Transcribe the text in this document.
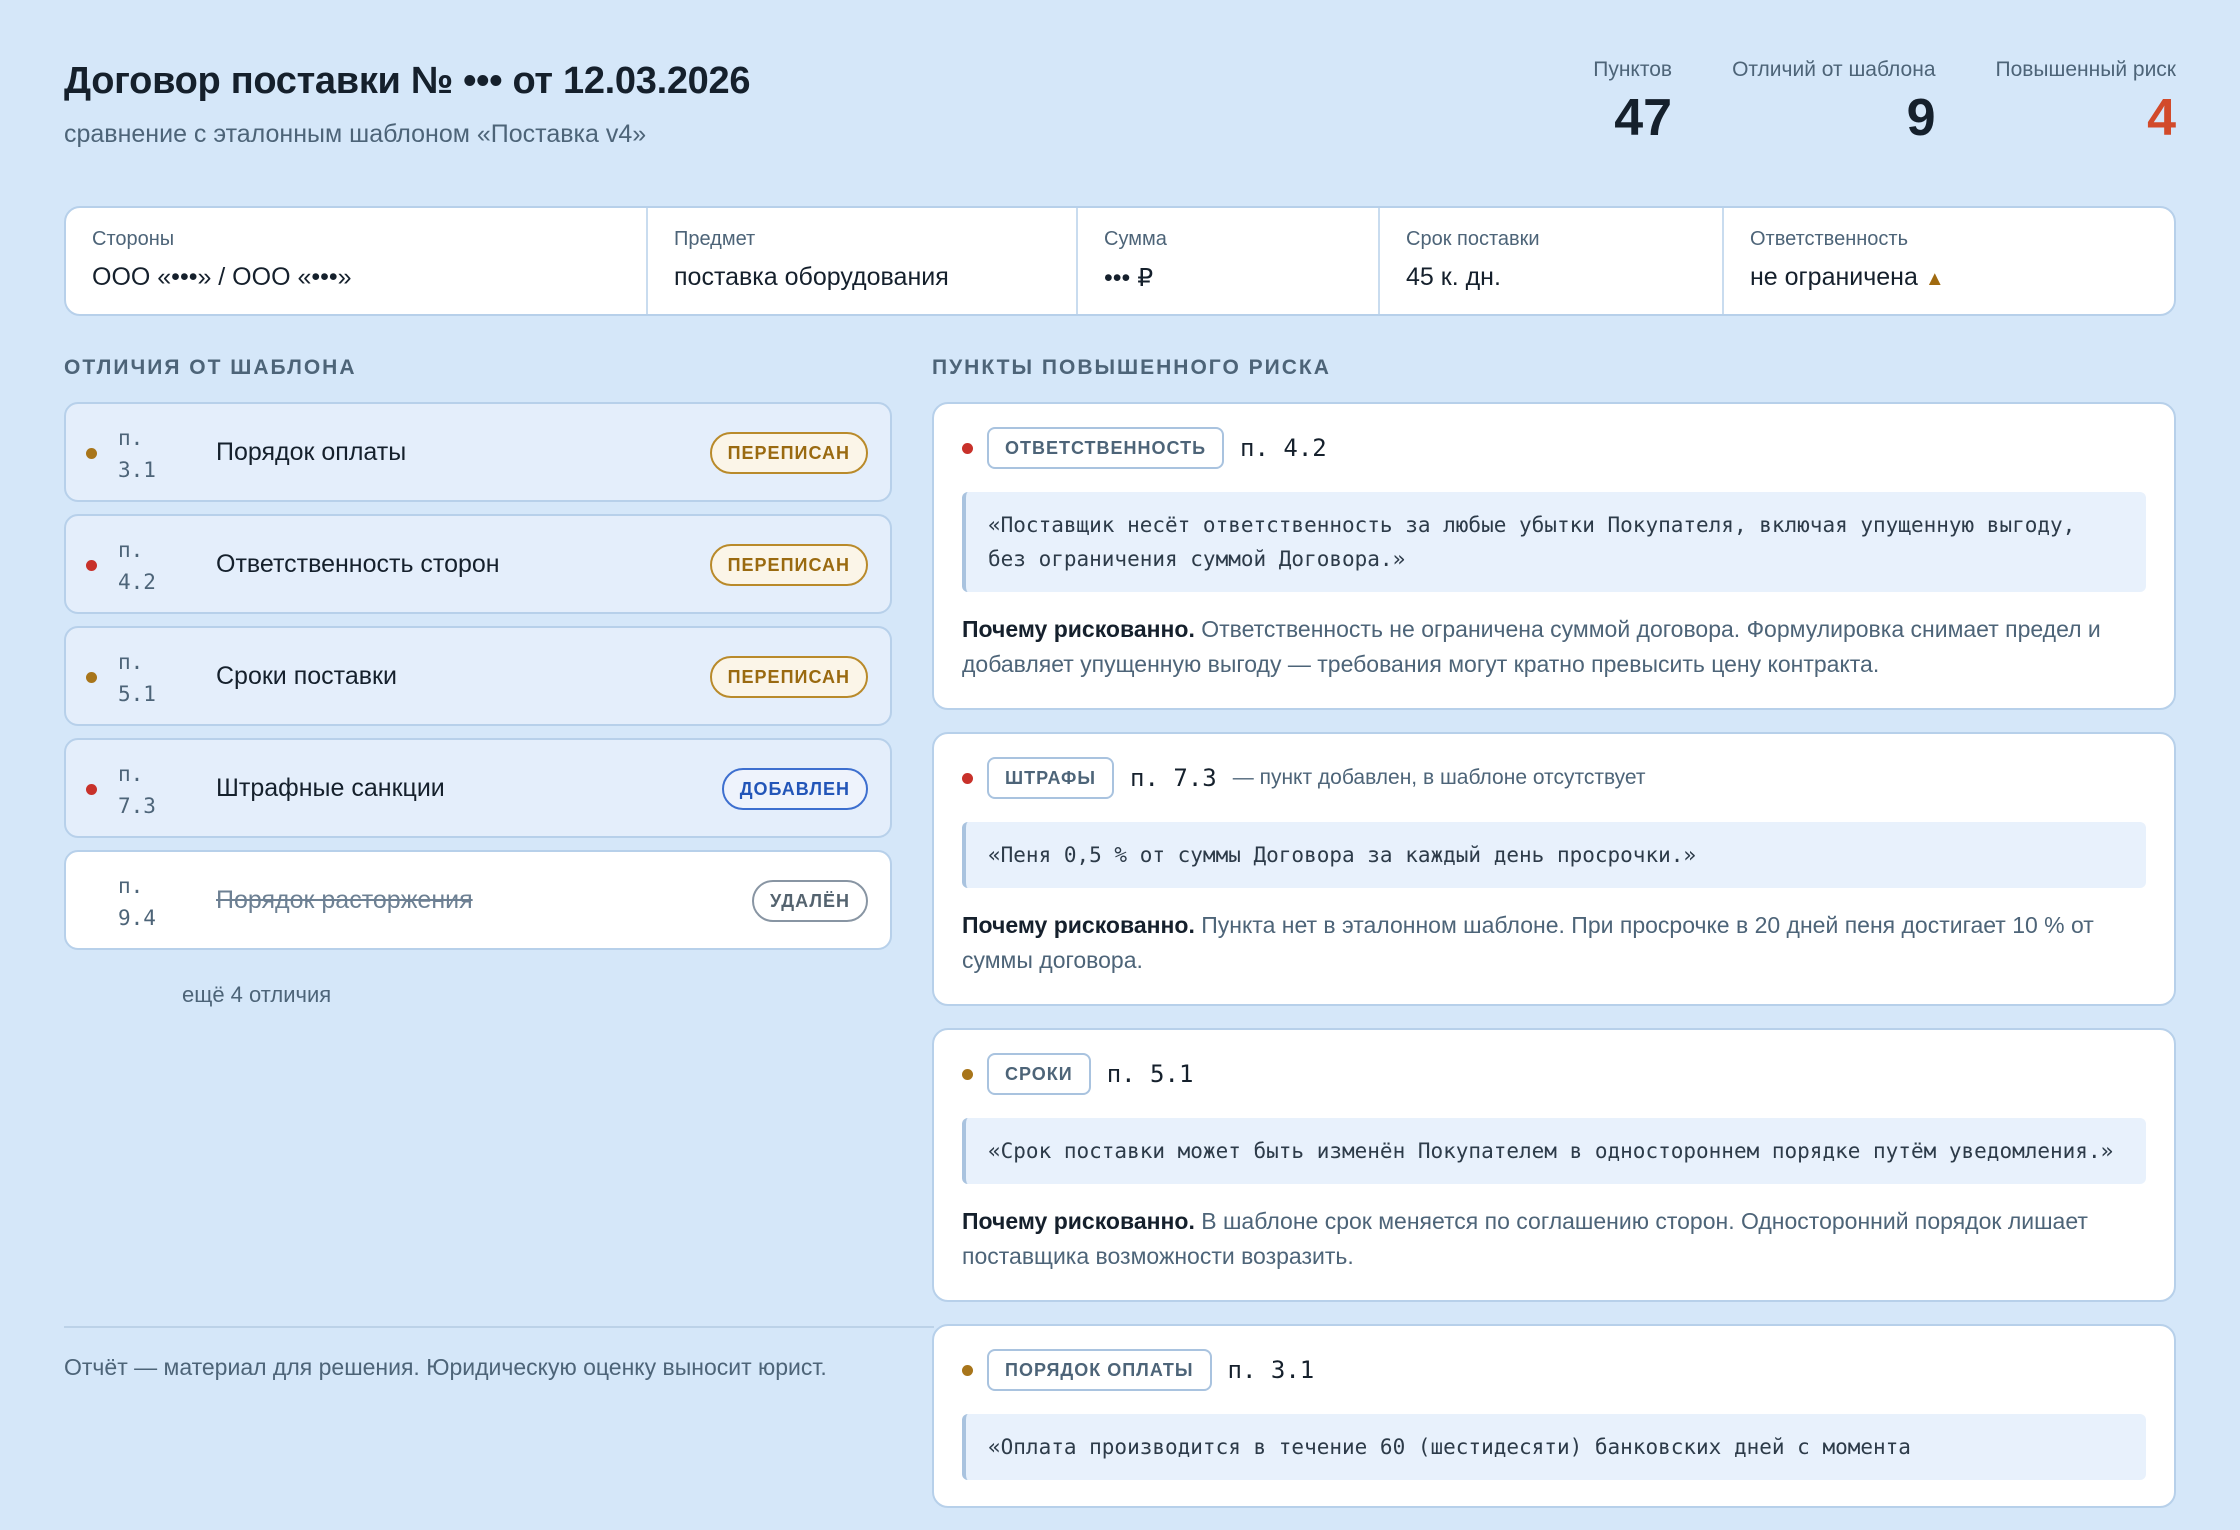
Договор поставки № ••• от 12.03.2026
сравнение с эталонным шаблоном «Поставка v4»
Пунктов
47
Отличий от шаблона
9
Повышенный риск
4
Стороны
ООО «•••» / ООО «•••»
Предмет
поставка оборудования
Сумма
••• ₽
Срок поставки
45 к. дн.
Ответственность
не ограничена ▲
ОТЛИЧИЯ ОТ ШАБЛОНА
п. 3.1
Порядок оплаты	ПЕРЕПИСАН
п. 4.2
Ответственность сторон	ПЕРЕПИСАН
п. 5.1
Сроки поставки	ПЕРЕПИСАН
п. 7.3
Штрафные санкции	ДОБАВЛЕН
п. 9.4
Порядок расторжения	УДАЛЁН
ещё 4 отличия
Отчёт — материал для решения. Юридическую оценку выносит юрист.
ПУНКТЫ ПОВЫШЕННОГО РИСКА
ОТВЕТСТВЕННОСТЬ	п. 4.2
«Поставщик несёт ответственность за любые убытки Покупателя, включая упущенную выгоду, без ограничения суммой Договора.»
Почему рискованно. Ответственность не ограничена суммой договора. Формулировка снимает предел и добавляет упущенную выгоду — требования могут кратно превысить цену контракта.
ШТРАФЫ	п. 7.3 — пункт добавлен, в шаблоне отсутствует
«Пеня 0,5 % от суммы Договора за каждый день просрочки.»
Почему рискованно. Пункта нет в эталонном шаблоне. При просрочке в 20 дней пеня достигает 10 % от суммы договора.
СРОКИ	п. 5.1
«Срок поставки может быть изменён Покупателем в одностороннем порядке путём уведомления.»
Почему рискованно. В шаблоне срок меняется по соглашению сторон. Односторонний порядок лишает поставщика возможности возразить.
ПОРЯДОК ОПЛАТЫ	п. 3.1
«Оплата производится в течение 60 (шестидесяти) банковских дней с момента
